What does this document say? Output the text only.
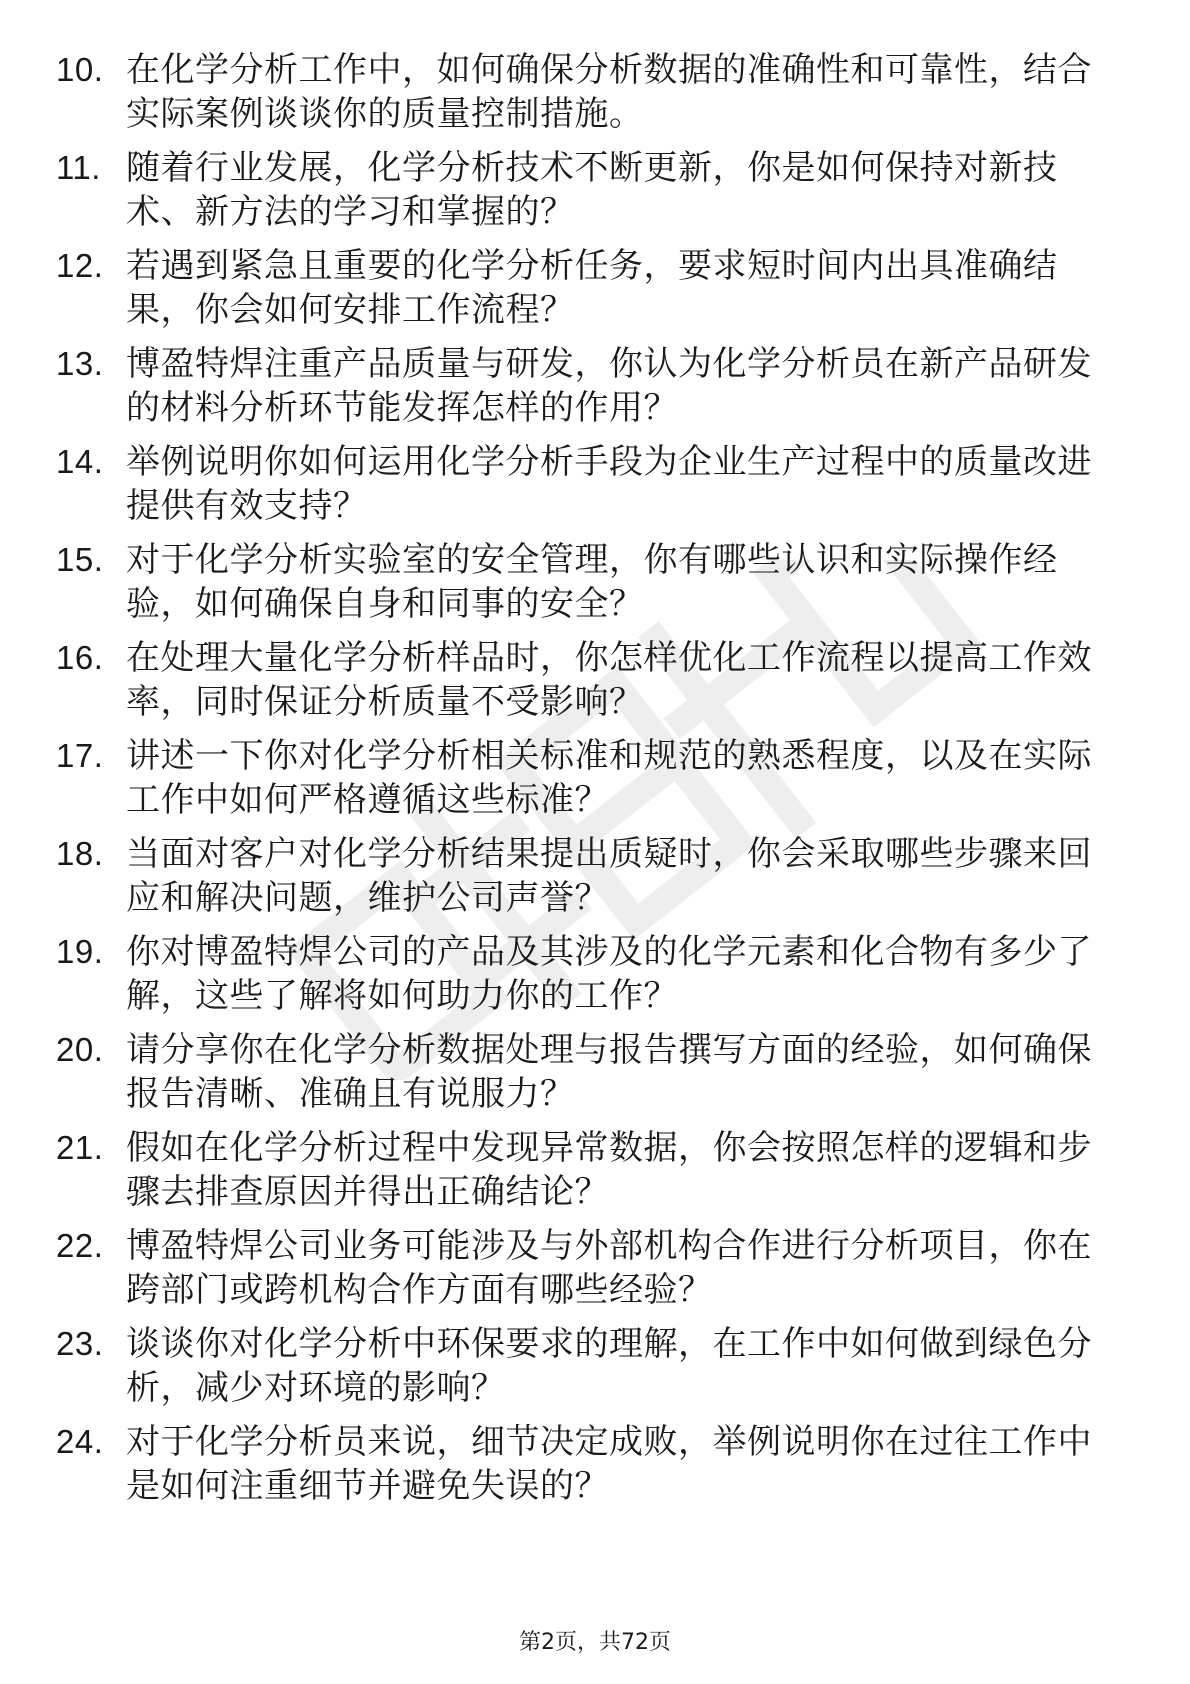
10. 在化学分析工作中，如何确保分析数据的准确性和可靠性，结合实际案例谈谈你的质量控制措施。
11. 随着行业发展，化学分析技术不断更新，你是如何保持对新技术、新方法的学习和掌握的？
12. 若遇到紧急且重要的化学分析任务，要求短时间内出具准确结果，你会如何安排工作流程？
13. 博盈特焊注重产品质量与研发，你认为化学分析员在新产品研发的材料分析环节能发挥怎样的作用？
14. 举例说明你如何运用化学分析手段为企业生产过程中的质量改进提供有效支持？
15. 对于化学分析实验室的安全管理，你有哪些认识和实际操作经验，如何确保自身和同事的安全？
16. 在处理大量化学分析样品时，你怎样优化工作流程以提高工作效率，同时保证分析质量不受影响？
17. 讲述一下你对化学分析相关标准和规范的熟悉程度，以及在实际工作中如何严格遵循这些标准？
18. 当面对客户对化学分析结果提出质疑时，你会采取哪些步骤来回应和解决问题，维护公司声誉？
19. 你对博盈特焊公司的产品及其涉及的化学元素和化合物有多少了解，这些了解将如何助力你的工作？
20. 请分享你在化学分析数据处理与报告撰写方面的经验，如何确保报告清晰、准确且有说服力？
21. 假如在化学分析过程中发现异常数据，你会按照怎样的逻辑和步骤去排查原因并得出正确结论？
22. 博盈特焊公司业务可能涉及与外部机构合作进行分析项目，你在跨部门或跨机构合作方面有哪些经验？
23. 谈谈你对化学分析中环保要求的理解，在工作中如何做到绿色分析，减少对环境的影响？
24. 对于化学分析员来说，细节决定成败，举例说明你在过往工作中是如何注重细节并避免失误的？
第2页，共72页
